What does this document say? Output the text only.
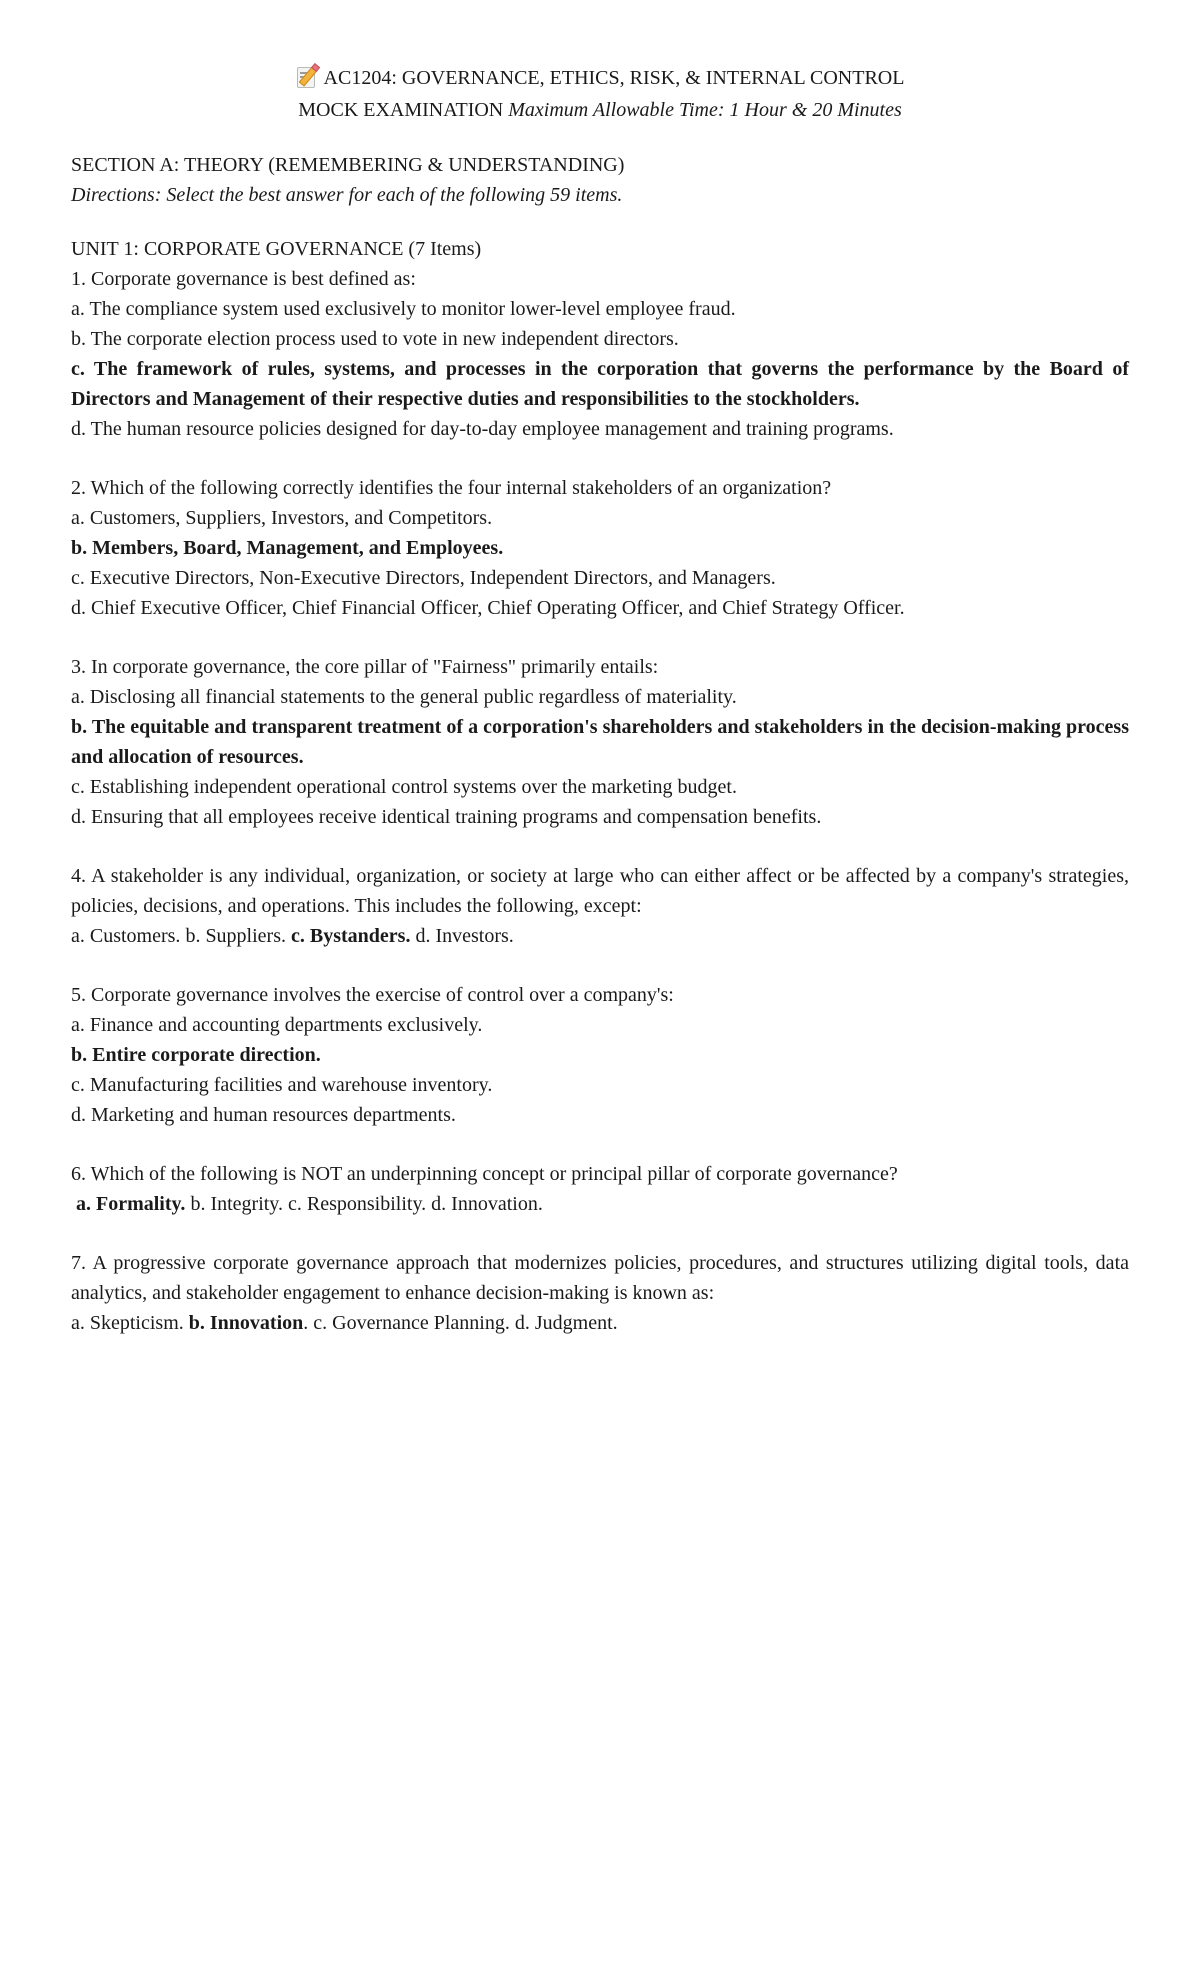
AC1204: GOVERNANCE, ETHICS, RISK, & INTERNAL CONTROL
MOCK EXAMINATION Maximum Allowable Time: 1 Hour & 20 Minutes
SECTION A: THEORY (REMEMBERING & UNDERSTANDING)
Directions: Select the best answer for each of the following 59 items.
UNIT 1: CORPORATE GOVERNANCE (7 Items)
1. Corporate governance is best defined as:
a. The compliance system used exclusively to monitor lower-level employee fraud.
b. The corporate election process used to vote in new independent directors.
c. The framework of rules, systems, and processes in the corporation that governs the performance by the Board of Directors and Management of their respective duties and responsibilities to the stockholders.
d. The human resource policies designed for day-to-day employee management and training programs.
2. Which of the following correctly identifies the four internal stakeholders of an organization?
a. Customers, Suppliers, Investors, and Competitors.
b. Members, Board, Management, and Employees.
c. Executive Directors, Non-Executive Directors, Independent Directors, and Managers.
d. Chief Executive Officer, Chief Financial Officer, Chief Operating Officer, and Chief Strategy Officer.
3. In corporate governance, the core pillar of "Fairness" primarily entails:
a. Disclosing all financial statements to the general public regardless of materiality.
b. The equitable and transparent treatment of a corporation's shareholders and stakeholders in the decision-making process and allocation of resources.
c. Establishing independent operational control systems over the marketing budget.
d. Ensuring that all employees receive identical training programs and compensation benefits.
4. A stakeholder is any individual, organization, or society at large who can either affect or be affected by a company's strategies, policies, decisions, and operations. This includes the following, except:
a. Customers. b. Suppliers. c. Bystanders. d. Investors.
5. Corporate governance involves the exercise of control over a company's:
a. Finance and accounting departments exclusively.
b. Entire corporate direction.
c. Manufacturing facilities and warehouse inventory.
d. Marketing and human resources departments.
6. Which of the following is NOT an underpinning concept or principal pillar of corporate governance?
a. Formality. b. Integrity. c. Responsibility. d. Innovation.
7. A progressive corporate governance approach that modernizes policies, procedures, and structures utilizing digital tools, data analytics, and stakeholder engagement to enhance decision-making is known as:
a. Skepticism. b. Innovation. c. Governance Planning. d. Judgment.
